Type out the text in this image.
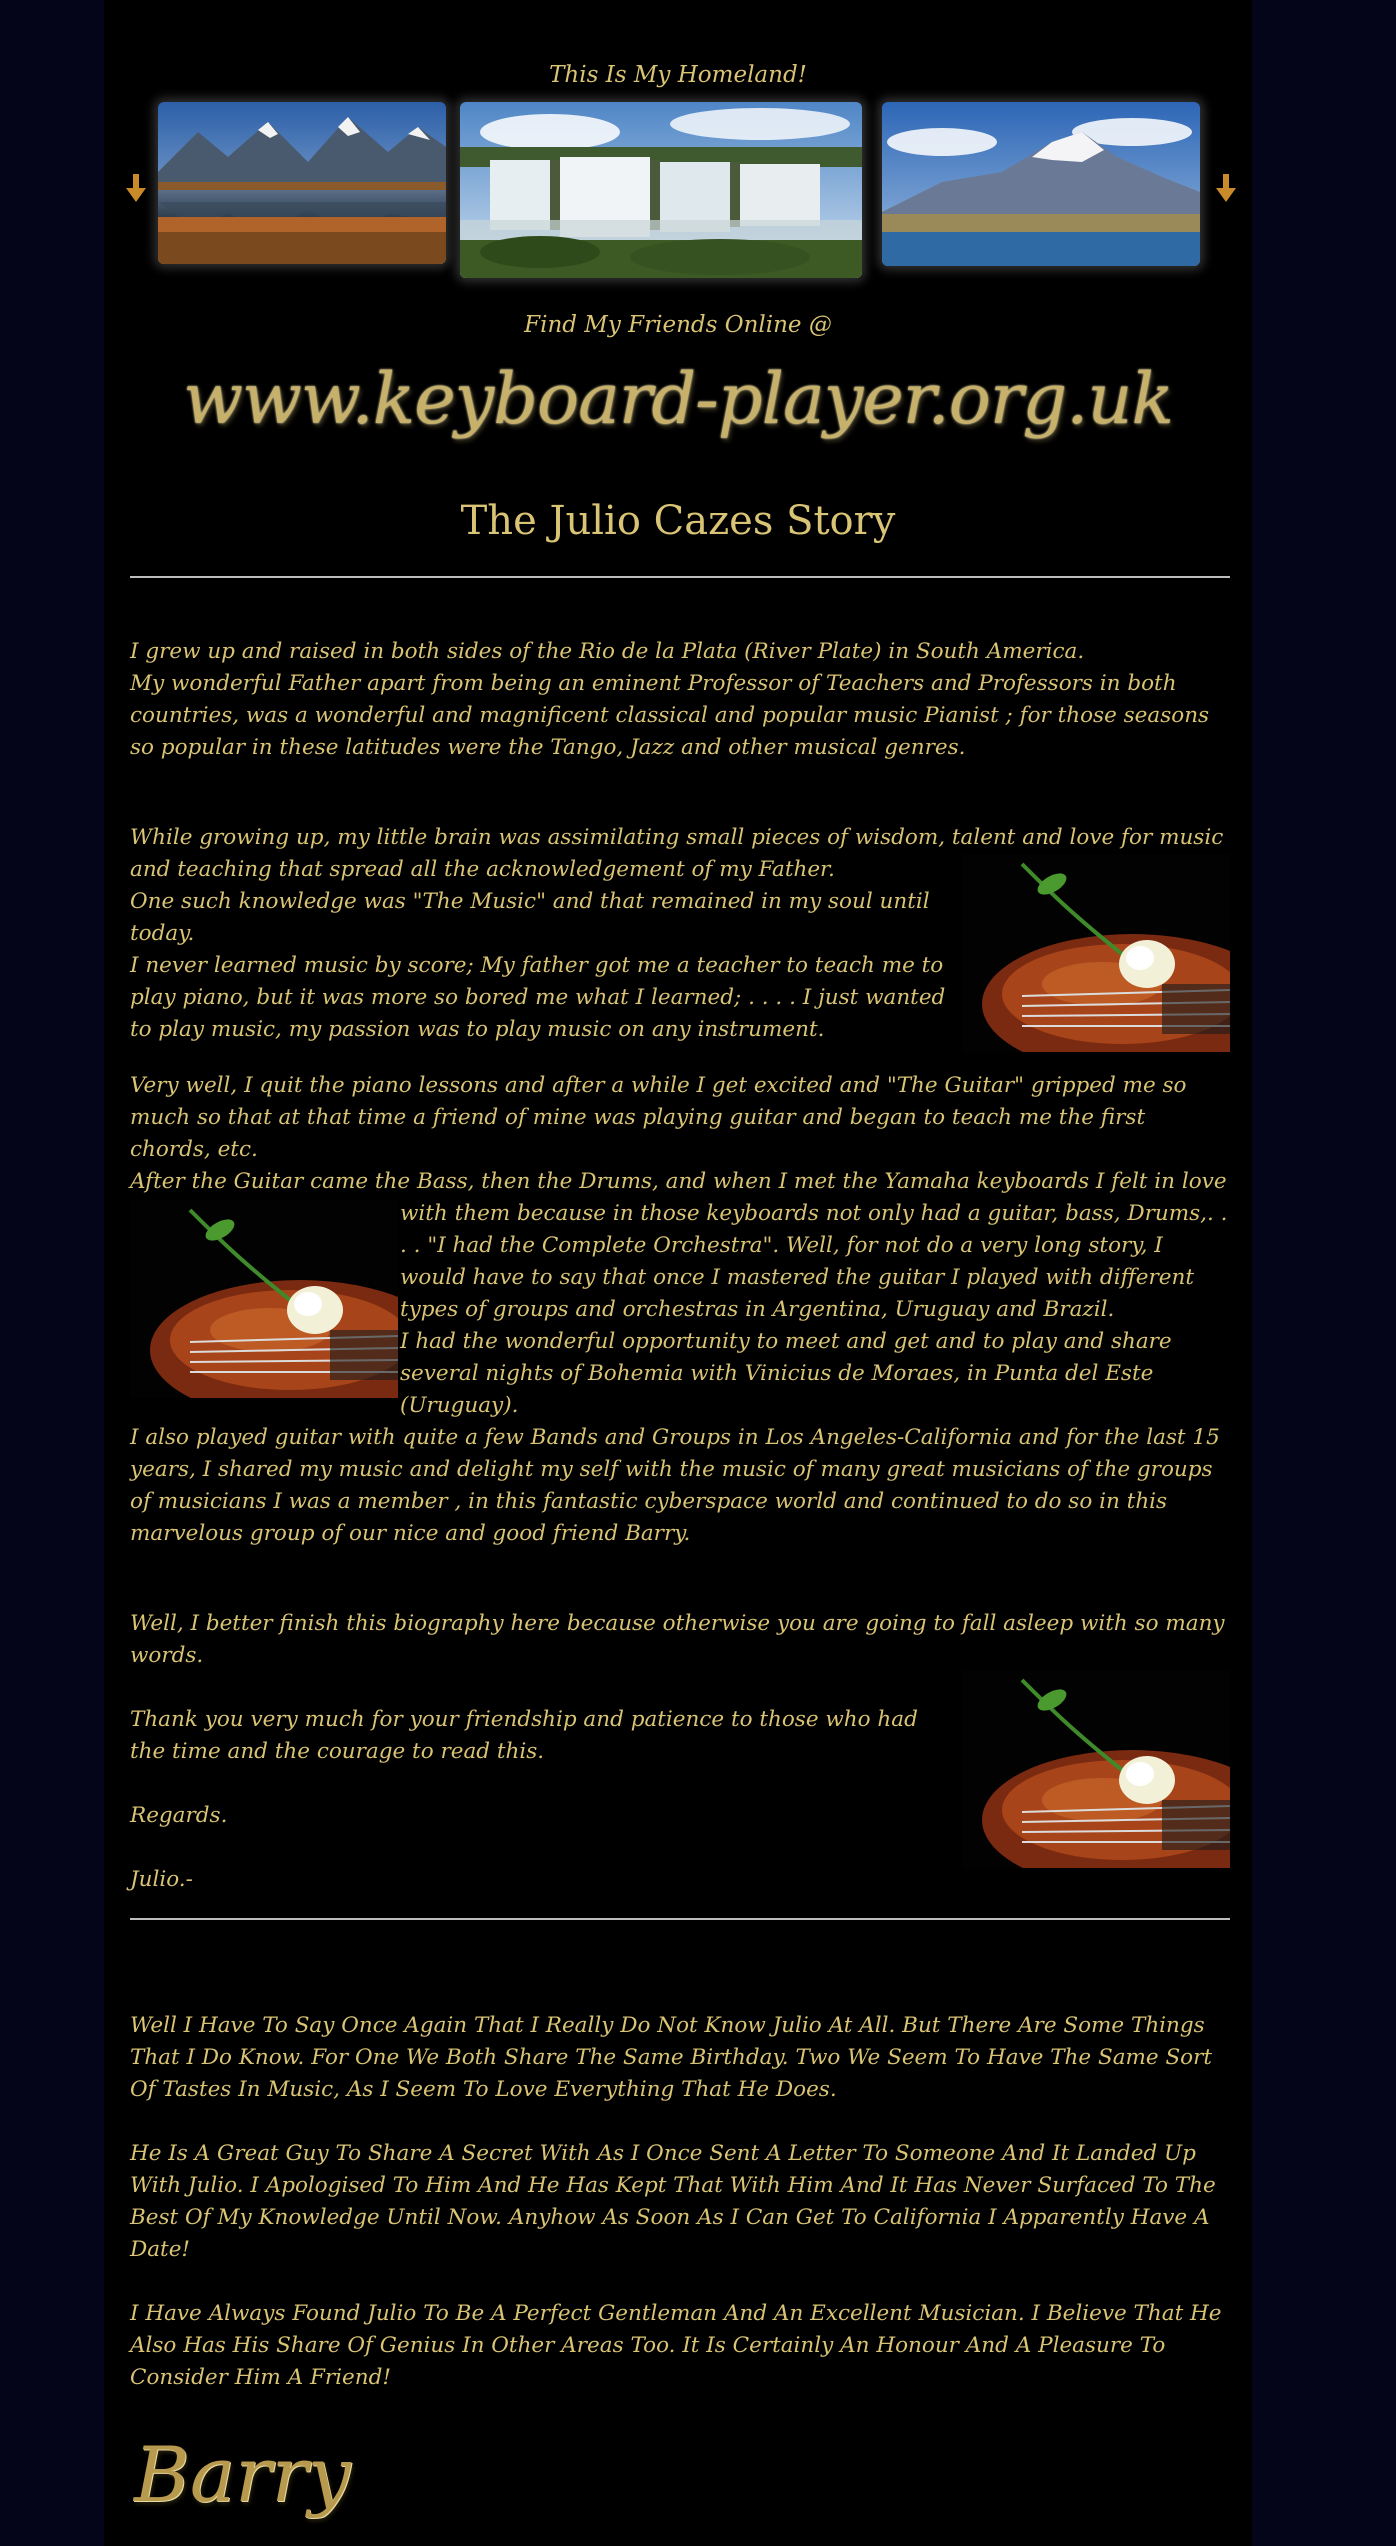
This Is My Homeland!
Find My Friends Online @
www.keyboard-player.org.uk
The Julio Cazes Story

I grew up and raised in both sides of the Rio de la Plata (River Plate) in South America.
My wonderful Father apart from being an eminent Professor of Teachers and Professors in both countries, was a wonderful and magnificent classical and popular music Pianist ; for those seasons so popular in these latitudes were the Tango, Jazz and other musical genres.

While growing up, my little brain was assimilating small pieces of wisdom, talent and love for music and teaching that spread all the acknowledgement of my Father.

One such knowledge was "The Music" and that remained in my soul until today.
I never learned music by score; My father got me a teacher to teach me to play piano, but it was more so bored me what I learned; . . . . I just wanted to play music, my passion was to play music on any instrument.

Very well, I quit the piano lessons and after a while I get excited and "The Guitar" gripped me so much so that at that time a friend of mine was playing guitar and began to teach me the first chords, etc.

After the Guitar came the Bass, then the Drums, and when I met the Yamaha keyboards I felt in love

with them because in those keyboards not only had a guitar, bass, Drums,. . . . "I had the Complete Orchestra". Well, for not do a very long story, I would have to say that once I mastered the guitar I played with different types of groups and orchestras in Argentina, Uruguay and Brazil.
I had the wonderful opportunity to meet and get and to play and share several nights of Bohemia with Vinicius de Moraes, in Punta del Este (Uruguay).

I also played guitar with quite a few Bands and Groups in Los Angeles-California and for the last 15 years, I shared my music and delight my self with the music of many great musicians of the groups of musicians I was a member , in this fantastic cyberspace world and continued to do so in this marvelous group of our nice and good friend Barry.

Well, I better finish this biography here because otherwise you are going to fall asleep with so many words.

Thank you very much for your friendship and patience to those who had the time and the courage to read this.

Regards.

Julio.-

Well I Have To Say Once Again That I Really Do Not Know Julio At All. But There Are Some Things That I Do Know. For One We Both Share The Same Birthday. Two We Seem To Have The Same Sort Of Tastes In Music, As I Seem To Love Everything That He Does.

He Is A Great Guy To Share A Secret With As I Once Sent A Letter To Someone And It Landed Up With Julio. I Apologised To Him And He Has Kept That With Him And It Has Never Surfaced To The Best Of My Knowledge Until Now. Anyhow As Soon As I Can Get To California I Apparently Have A Date!

I Have Always Found Julio To Be A Perfect Gentleman And An Excellent Musician. I Believe That He Also Has His Share Of Genius In Other Areas Too. It Is Certainly An Honour And A Pleasure To Consider Him A Friend!

Barry
